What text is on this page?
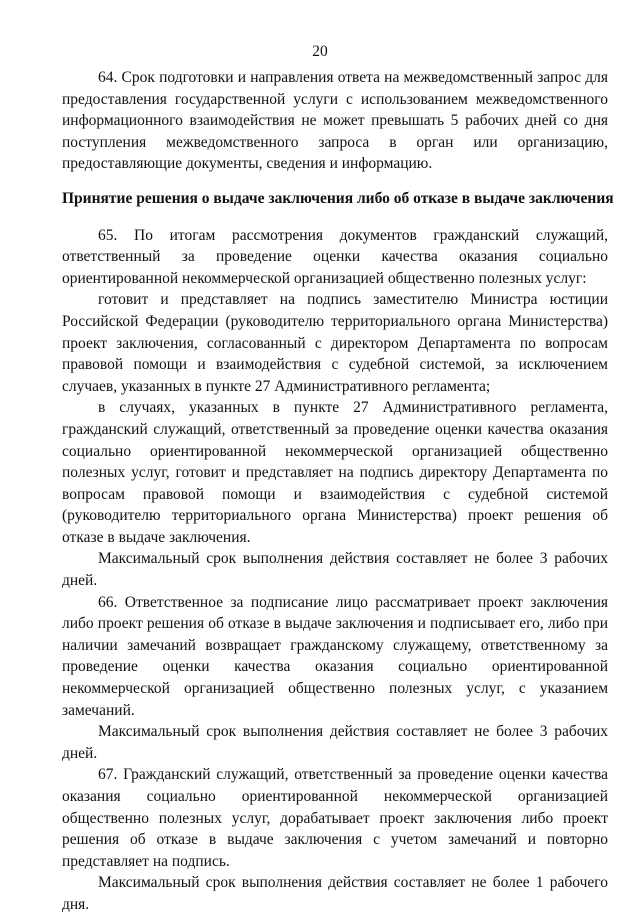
20

64. Срок подготовки и направления ответа на межведомственный запрос для предоставления государственной услуги с использованием межведомственного информационного взаимодействия не может превышать 5 рабочих дней со дня поступления межведомственного запроса в орган или организацию, предоставляющие документы, сведения и информацию.

Принятие решения о выдаче заключения либо об отказе в выдаче заключения

65. По итогам рассмотрения документов гражданский служащий, ответственный за проведение оценки качества оказания социально ориентированной некоммерческой организацией общественно полезных услуг:

готовит и представляет на подпись заместителю Министра юстиции Российской Федерации (руководителю территориального органа Министерства) проект заключения, согласованный с директором Департамента по вопросам правовой помощи и взаимодействия с судебной системой, за исключением случаев, указанных в пункте 27 Административного регламента;

в случаях, указанных в пункте 27 Административного регламента, гражданский служащий, ответственный за проведение оценки качества оказания социально ориентированной некоммерческой организацией общественно полезных услуг, готовит и представляет на подпись директору Департамента по вопросам правовой помощи и взаимодействия с судебной системой (руководителю территориального органа Министерства) проект решения об отказе в выдаче заключения.

Максимальный срок выполнения действия составляет не более 3 рабочих дней.

66. Ответственное за подписание лицо рассматривает проект заключения либо проект решения об отказе в выдаче заключения и подписывает его, либо при наличии замечаний возвращает гражданскому служащему, ответственному за проведение оценки качества оказания социально ориентированной некоммерческой организацией общественно полезных услуг, с указанием замечаний.

Максимальный срок выполнения действия составляет не более 3 рабочих дней.

67. Гражданский служащий, ответственный за проведение оценки качества оказания социально ориентированной некоммерческой организацией общественно полезных услуг, дорабатывает проект заключения либо проект решения об отказе в выдаче заключения с учетом замечаний и повторно представляет на подпись.

Максимальный срок выполнения действия составляет не более 1 рабочего дня.
